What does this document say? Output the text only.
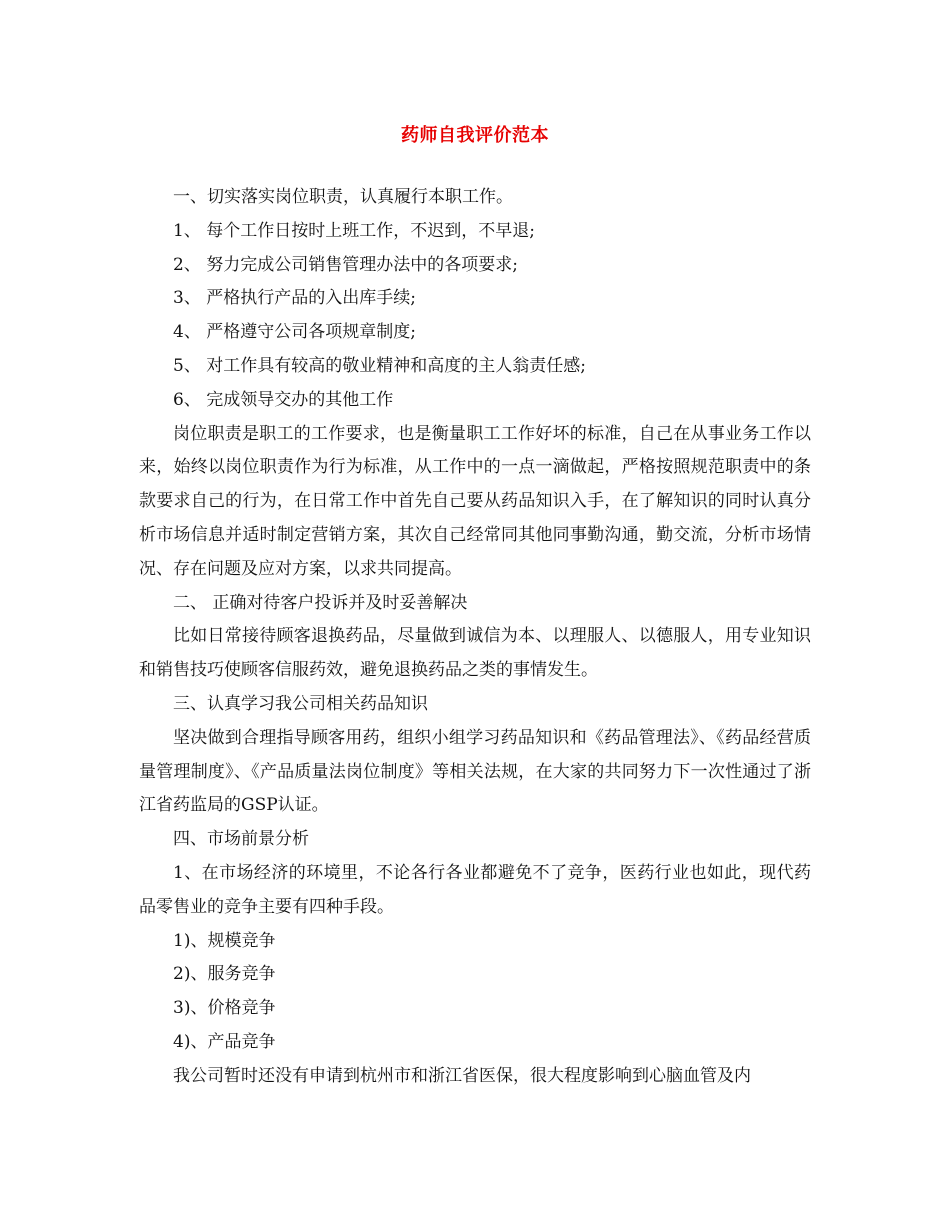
药师自我评价范本

一、切实落实岗位职责，认真履行本职工作。

1、 每个工作日按时上班工作，不迟到，不早退;

2、 努力完成公司销售管理办法中的各项要求;

3、 严格执行产品的入出库手续;

4、 严格遵守公司各项规章制度;

5、 对工作具有较高的敬业精神和高度的主人翁责任感;

6、 完成领导交办的其他工作

岗位职责是职工的工作要求，也是衡量职工工作好坏的标准，自己在从事业务工作以来，始终以岗位职责作为行为标准，从工作中的一点一滴做起，严格按照规范职责中的条款要求自己的行为，在日常工作中首先自己要从药品知识入手，在了解知识的同时认真分析市场信息并适时制定营销方案，其次自己经常同其他同事勤沟通，勤交流，分析市场情况、存在问题及应对方案，以求共同提高。

二、 正确对待客户投诉并及时妥善解决

比如日常接待顾客退换药品，尽量做到诚信为本、以理服人、以德服人，用专业知识和销售技巧使顾客信服药效，避免退换药品之类的事情发生。

三、认真学习我公司相关药品知识

坚决做到合理指导顾客用药，组织小组学习药品知识和《药品管理法》、《药品经营质量管理制度》、《产品质量法岗位制度》等相关法规，在大家的共同努力下一次性通过了浙江省药监局的GSP认证。

四、市场前景分析

1、在市场经济的环境里，不论各行各业都避免不了竞争，医药行业也如此，现代药品零售业的竞争主要有四种手段。

1)、规模竞争

2)、服务竞争

3)、价格竞争

4)、产品竞争

我公司暂时还没有申请到杭州市和浙江省医保，很大程度影响到心脑血管及内
